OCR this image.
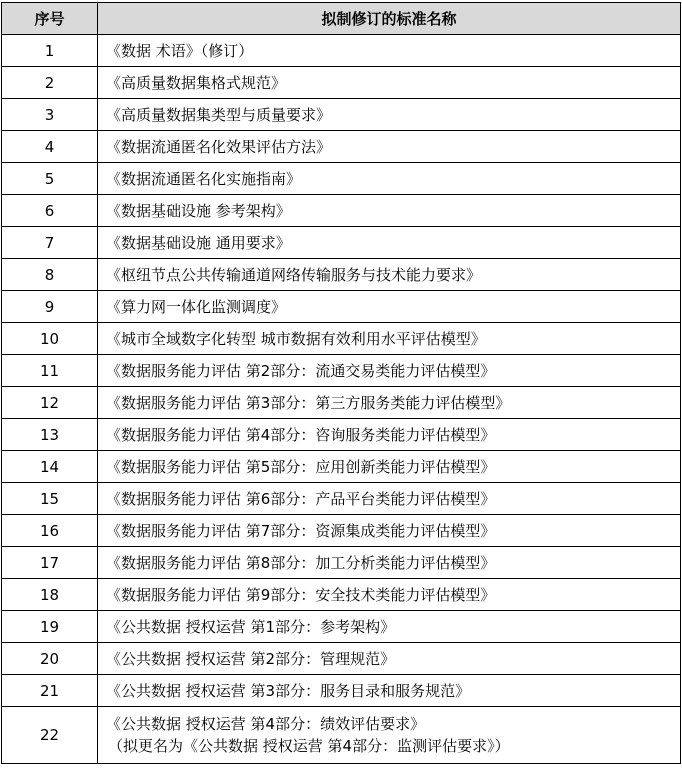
序号	拟制修订的标准名称
1	《数据 术语》（修订）
2	《高质量数据集格式规范》
3	《高质量数据集类型与质量要求》
4	《数据流通匿名化效果评估方法》
5	《数据流通匿名化实施指南》
6	《数据基础设施 参考架构》
7	《数据基础设施 通用要求》
8	《枢纽节点公共传输通道网络传输服务与技术能力要求》
9	《算力网一体化监测调度》
10	《城市全域数字化转型 城市数据有效利用水平评估模型》
11	《数据服务能力评估 第2部分：流通交易类能力评估模型》
12	《数据服务能力评估 第3部分：第三方服务类能力评估模型》
13	《数据服务能力评估 第4部分：咨询服务类能力评估模型》
14	《数据服务能力评估 第5部分：应用创新类能力评估模型》
15	《数据服务能力评估 第6部分：产品平台类能力评估模型》
16	《数据服务能力评估 第7部分：资源集成类能力评估模型》
17	《数据服务能力评估 第8部分：加工分析类能力评估模型》
18	《数据服务能力评估 第9部分：安全技术类能力评估模型》
19	《公共数据 授权运营 第1部分：参考架构》
20	《公共数据 授权运营 第2部分：管理规范》
21	《公共数据 授权运营 第3部分：服务目录和服务规范》
22	《公共数据 授权运营 第4部分：绩效评估要求》
（拟更名为《公共数据 授权运营 第4部分：监测评估要求》）
